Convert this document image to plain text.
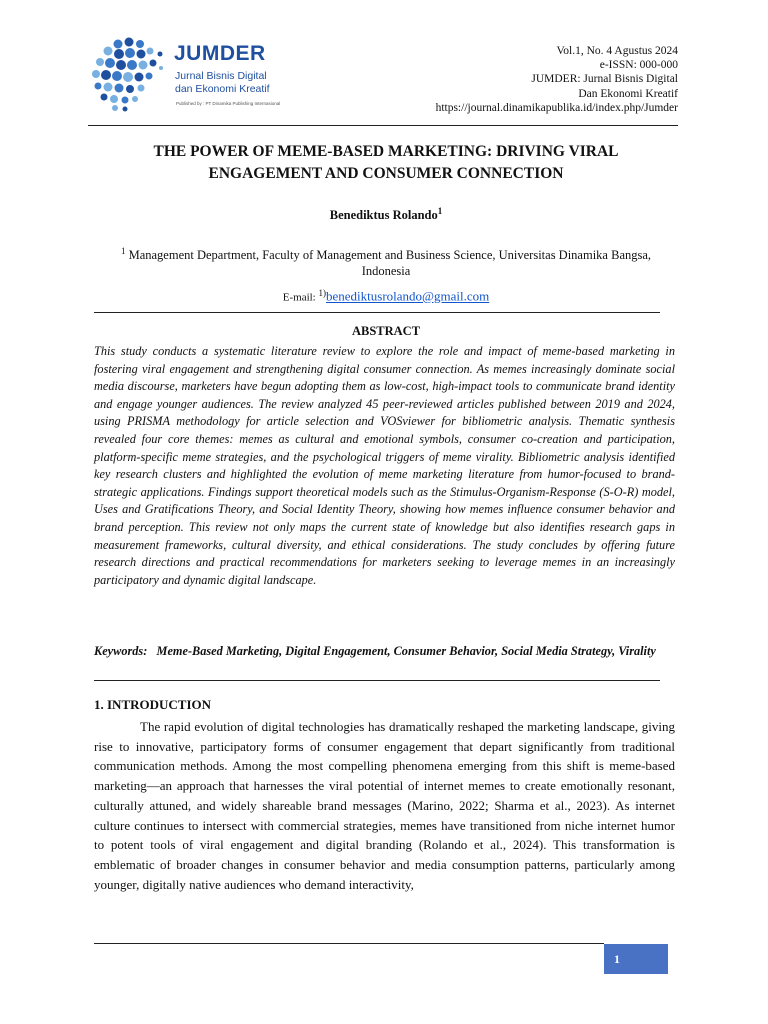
JUMDER
Jurnal Bisnis Digital
dan Ekonomi Kreatif
Published by : PT Dinamika Publishing Internasional
Vol.1, No. 4 Agustus 2024
e-ISSN: 000-000
JUMDER: Jurnal Bisnis Digital
Dan Ekonomi Kreatif
https://journal.dinamikapublika.id/index.php/Jumder
THE POWER OF MEME-BASED MARKETING: DRIVING VIRAL
ENGAGEMENT AND CONSUMER CONNECTION
Benediktus Rolando$^1$
$^1$ Management Department, Faculty of Management and Business Science, Universitas Dinamika Bangsa, Indonesia
E-mail: $^{1)}$benediktusrolando@gmail.com
ABSTRACT
This study conducts a systematic literature review to explore the role and impact of meme-based marketing in fostering viral engagement and strengthening digital consumer connection. As memes increasingly dominate social media discourse, marketers have begun adopting them as low-cost, high-impact tools to communicate brand identity and engage younger audiences. The review analyzed 45 peer-reviewed articles published between 2019 and 2024, using PRISMA methodology for article selection and VOSviewer for bibliometric analysis. Thematic synthesis revealed four core themes: memes as cultural and emotional symbols, consumer co-creation and participation, platform-specific meme strategies, and the psychological triggers of meme virality. Bibliometric analysis identified key research clusters and highlighted the evolution of meme marketing literature from humor-focused to brand-strategic applications. Findings support theoretical models such as the Stimulus-Organism-Response (S-O-R) model, Uses and Gratifications Theory, and Social Identity Theory, showing how memes influence consumer behavior and brand perception. This review not only maps the current state of knowledge but also identifies research gaps in measurement frameworks, cultural diversity, and ethical considerations. The study concludes by offering future research directions and practical recommendations for marketers seeking to leverage memes in an increasingly participatory and dynamic digital landscape.
Keywords: Meme-Based Marketing, Digital Engagement, Consumer Behavior, Social Media Strategy, Virality
1. INTRODUCTION

The rapid evolution of digital technologies has dramatically reshaped the marketing landscape, giving rise to innovative, participatory forms of consumer engagement that depart significantly from traditional communication methods. Among the most compelling phenomena emerging from this shift is meme-based marketing—an approach that harnesses the viral potential of internet memes to create emotionally resonant, culturally attuned, and widely shareable brand messages (Marino, 2022; Sharma et al., 2023). As internet culture continues to intersect with commercial strategies, memes have transitioned from niche internet humor to potent tools of viral engagement and digital branding (Rolando et al., 2024). This transformation is emblematic of broader changes in consumer behavior and media consumption patterns, particularly among younger, digitally native audiences who demand interactivity,

1
